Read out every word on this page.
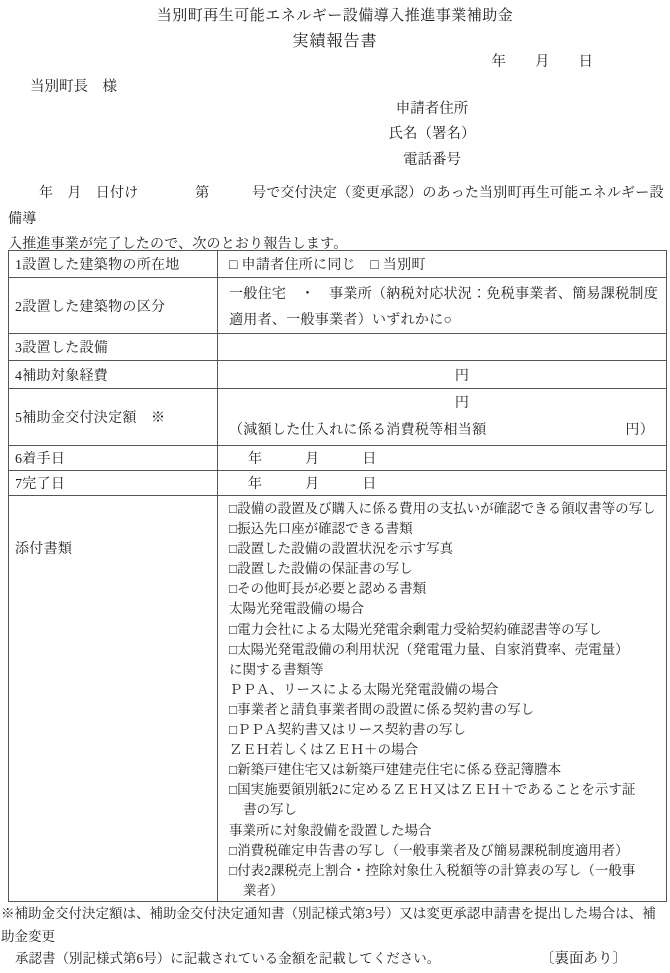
当別町再生可能エネルギー設備導入推進事業補助金
実績報告書
年　　月　　日
当別町長　様
申請者住所
氏名（署名）
電話番号
年　月　日付け　　　　第　　　号で交付決定（変更承認）のあった当別町再生可能エネルギー設備導
入推進事業が完了したので、次のとおり報告します。
1設置した建築物の所在地	□ 申請者住所に同じ　□ 当別町
2設置した建築物の区分	一般住宅　・　事業所（納税対応状況：免税事業者、簡易課税制度
適用者、一般事業者）いずれかに○

3設置した設備	
4補助対象経費	円
5補助金交付決定額　※	円
（減額した仕入れに係る消費税等相当額 円）

6着手日	年　　　月　　　日
7完了日	年　　　月　　　日
添付書類	
□設備の設置及び購入に係る費用の支払いが確認できる領収書等の写し
□振込先口座が確認できる書類
□設置した設備の設置状況を示す写真
□設置した設備の保証書の写し
□その他町長が必要と認める書類
太陽光発電設備の場合
□電力会社による太陽光発電余剰電力受給契約確認書等の写し
□太陽光発電設備の利用状況（発電電力量、自家消費率、売電量）
に関する書類等
ＰＰＡ、リースによる太陽光発電設備の場合
□事業者と請負事業者間の設置に係る契約書の写し
□ＰＰＡ契約書又はリース契約書の写し
ＺＥＨ若しくはＺＥＨ＋の場合
□新築戸建住宅又は新築戸建建売住宅に係る登記簿謄本
□国実施要領別紙2に定めるＺＥＨ又はＺＥＨ＋であることを示す証
書の写し
事業所に対象設備を設置した場合
□消費税確定申告書の写し（一般事業者及び簡易課税制度適用者）
□付表2課税売上割合・控除対象仕入税額等の計算表の写し（一般事
業者）
※補助金交付決定額は、補助金交付決定通知書（別記様式第3号）又は変更承認申請書を提出した場合は、補助金変更
承認書（別記様式第6号）に記載されている金額を記載してください。	〔裏面あり〕
